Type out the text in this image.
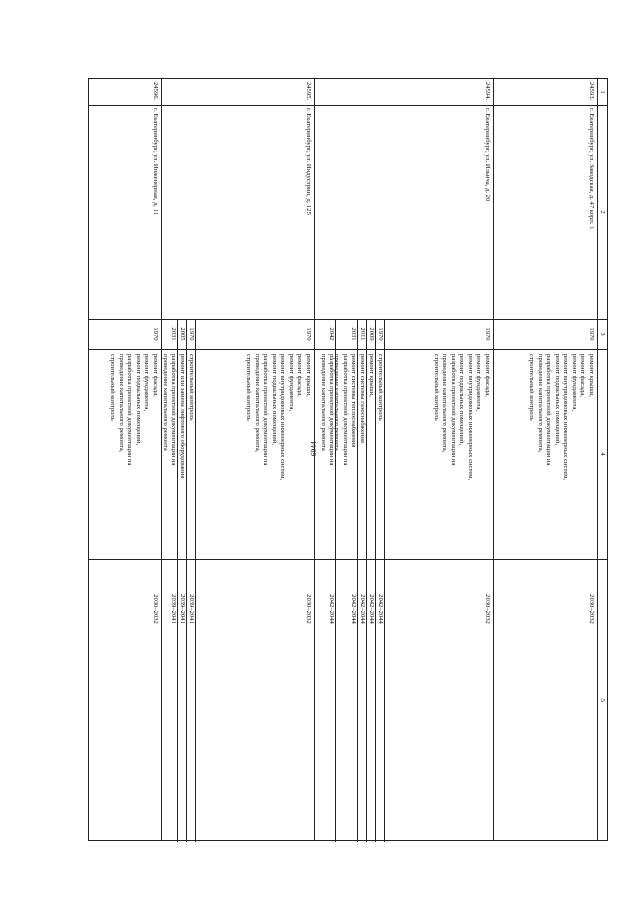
6944
1
2
3
4
5
24593.
г. Екатеринбург, ул. Заводская, д. 47 корп. 1
1970
ремонт крыши,
ремонт фасада,
ремонт фундамента,
ремонт внутридомовых инженерных систем,
ремонт подвальных помещений,
разработка проектной документации на
проведение капитального ремонта,
строительный контроль
2030–2032
24594.
г. Екатеринбург, ул. Ильича, д. 20
1970
ремонт фасада,
ремонт фундамента,
ремонт внутридомовых инженерных систем,
ремонт подвальных помещений,
разработка проектной документации на
проведение капитального ремонта,
строительный контроль
2030–2032
1970
строительный контроль
2042–2044
2009
ремонт крыши,
2042–2044
2011
ремонт системы газоснабжения
2042–2044
2031
ремонт системы теплоснабжения
разработка проектной документации на
проведение капитального ремонта
2042–2044
2042
разработка проектной документации на
проведение капитального ремонта
2042–2044
24595.
г. Екатеринбург, ул. Индустрии, д. 125
1970
ремонт крыши,
ремонт фасада,
ремонт фундамента,
ремонт внутридомовых инженерных систем,
ремонт подвальных помещений,
разработка проектной документации на
проведение капитального ремонта,
строительный контроль
2030–2032
1970
строительный контроль
2039–2041
2005
ремонт или замена лифтового оборудования
2039–2041
2031
разработка проектной документации на
проведение капитального ремонта
2039–2041
24596.
г. Екатеринбург, ул. Инженерная, д. 11
1970
ремонт фасада,
ремонт фундамента,
ремонт подвальных помещений,
разработка проектной документации на
проведение капитального ремонта,
строительный контроль
2030–2032
